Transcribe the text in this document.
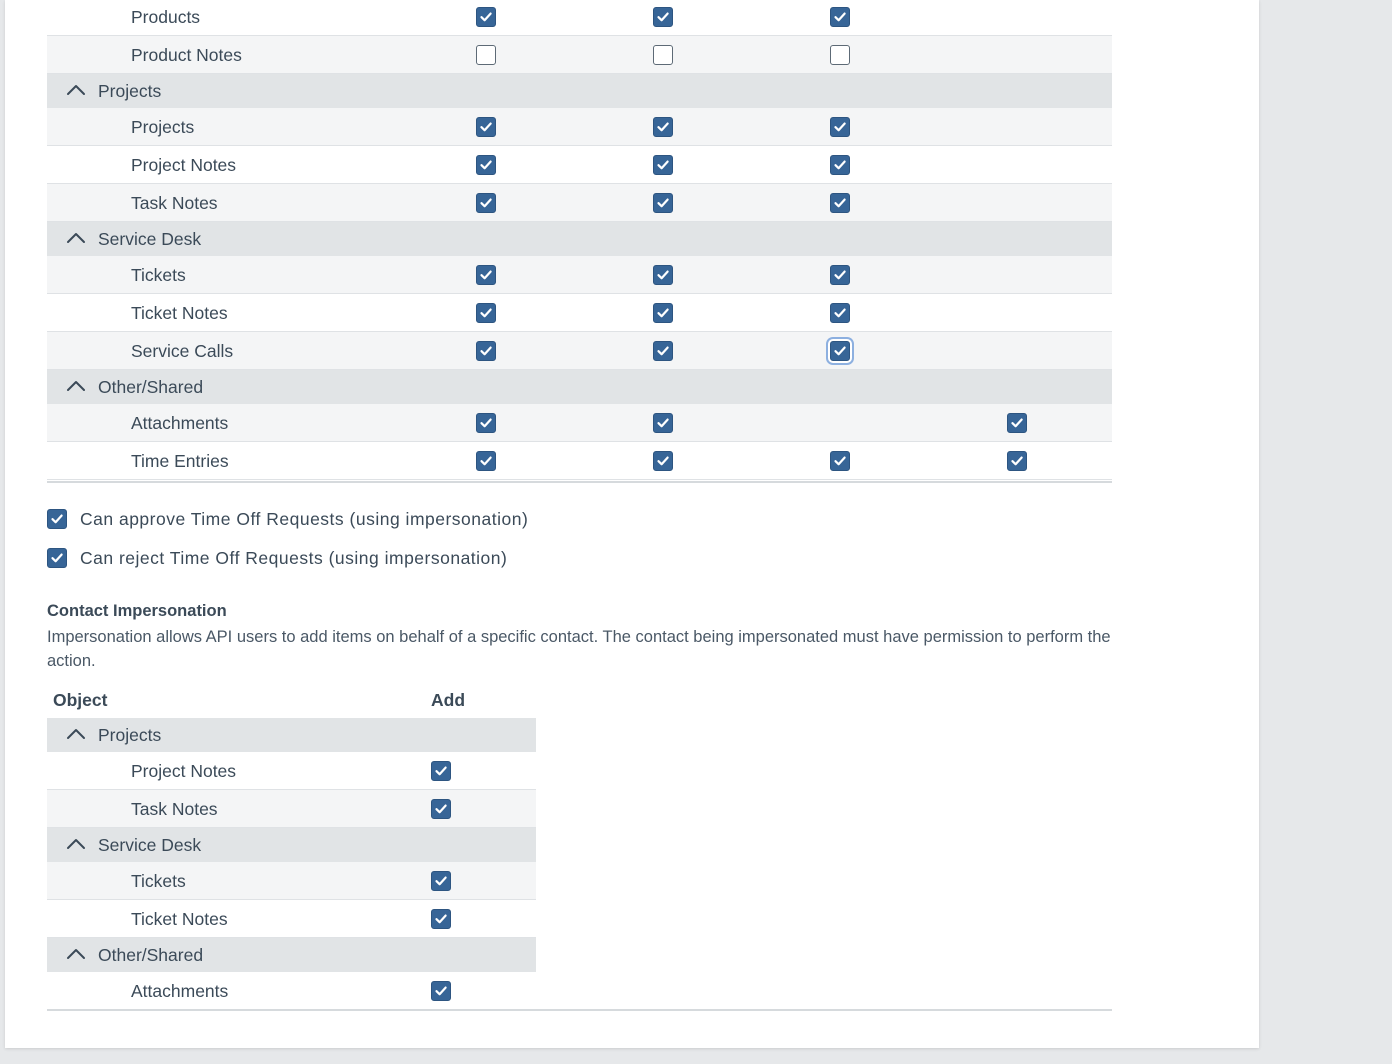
Products
Product Notes
Projects
Projects
Project Notes
Task Notes
Service Desk
Tickets
Ticket Notes
Service Calls
Other/Shared
Attachments
Time Entries
Can approve Time Off Requests (using impersonation)
Can reject Time Off Requests (using impersonation)
Contact Impersonation
Impersonation allows API users to add items on behalf of a specific contact. The contact being impersonated must have permission to perform the action.
Object	Add
Projects
Project Notes
Task Notes
Service Desk
Tickets
Ticket Notes
Other/Shared
Attachments
